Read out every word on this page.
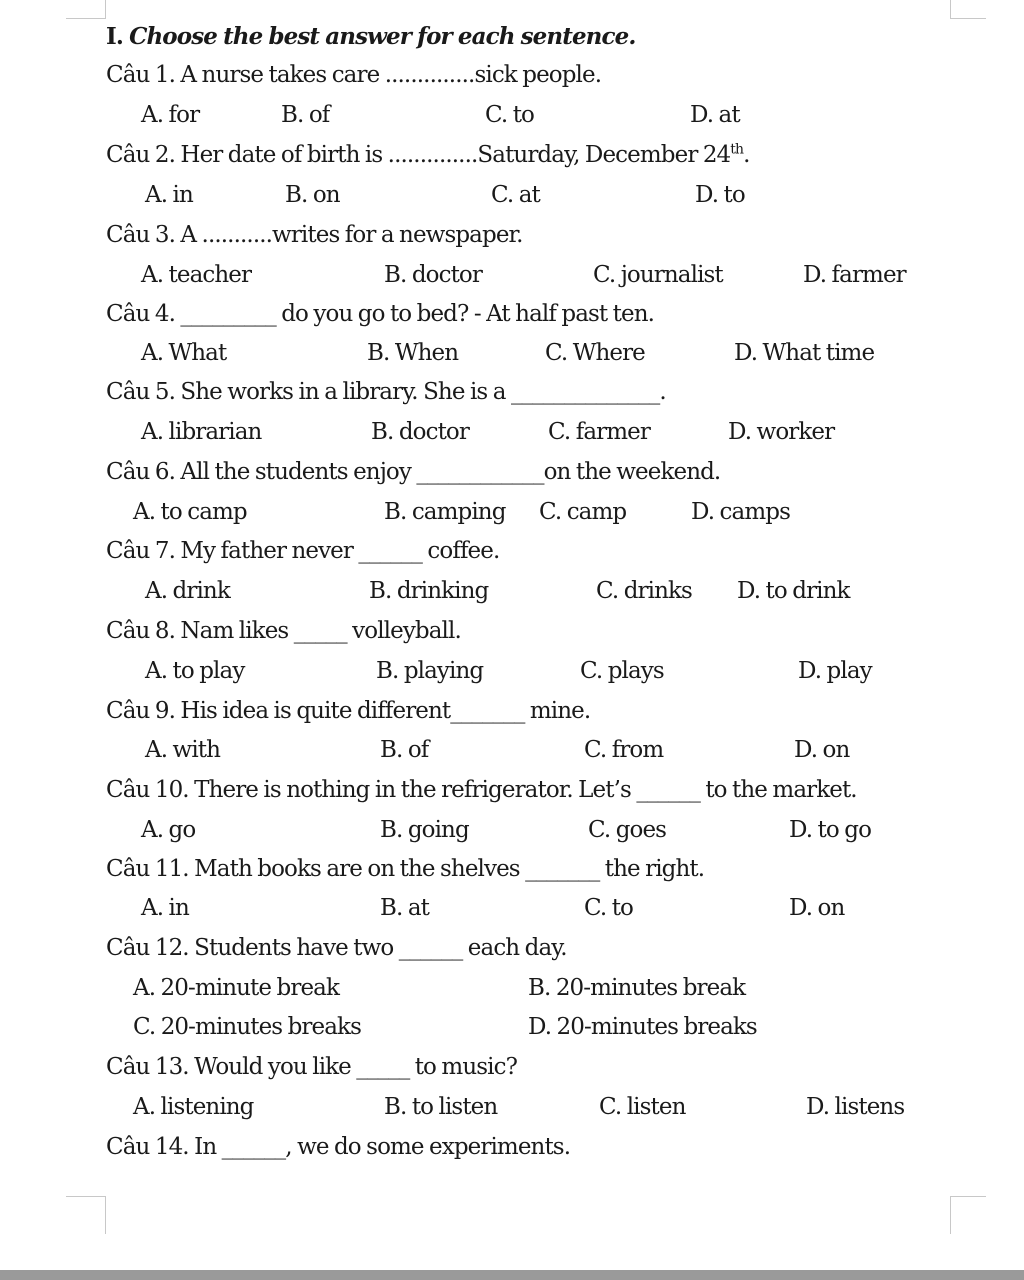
I. Choose the best answer for each sentence.
Câu 1. A nurse takes care ..............sick people.
A. for	B. of	C. to	D. at
Câu 2. Her date of birth is ..............Saturday, December 24th.
A. in	B. on	C. at	D. to
Câu 3. A ...........writes for a newspaper.
A. teacher	B. doctor	C. journalist	D. farmer
Câu 4. _________ do you go to bed? - At half past ten.
A. What	B. When	C. Where	D. What time
Câu 5. She works in a library. She is a ______________.
A. librarian	B. doctor	C. farmer	D. worker
Câu 6. All the students enjoy ____________on the weekend.
A. to camp	B. camping C. camp	D. camps
Câu 7. My father never ______ coffee.
A. drink	B. drinking	C. drinks D. to drink
Câu 8. Nam likes _____ volleyball.
A. to play	B. playing	C. plays	D. play
Câu 9. His idea is quite different_______ mine.
A. with	B. of	C. from	D. on
Câu 10. There is nothing in the refrigerator. Let’s ______ to the market.
A. go	B. going	C. goes	D. to go
Câu 11. Math books are on the shelves _______ the right.
A. in	B. at	C. to	D. on
Câu 12. Students have two ______ each day.
A. 20-minute break	B. 20-minutes break
C. 20-minutes breaks	D. 20-minutes breaks
Câu 13. Would you like _____ to music?
A. listening	B. to listen	C. listen	D. listens
Câu 14. In ______, we do some experiments.
